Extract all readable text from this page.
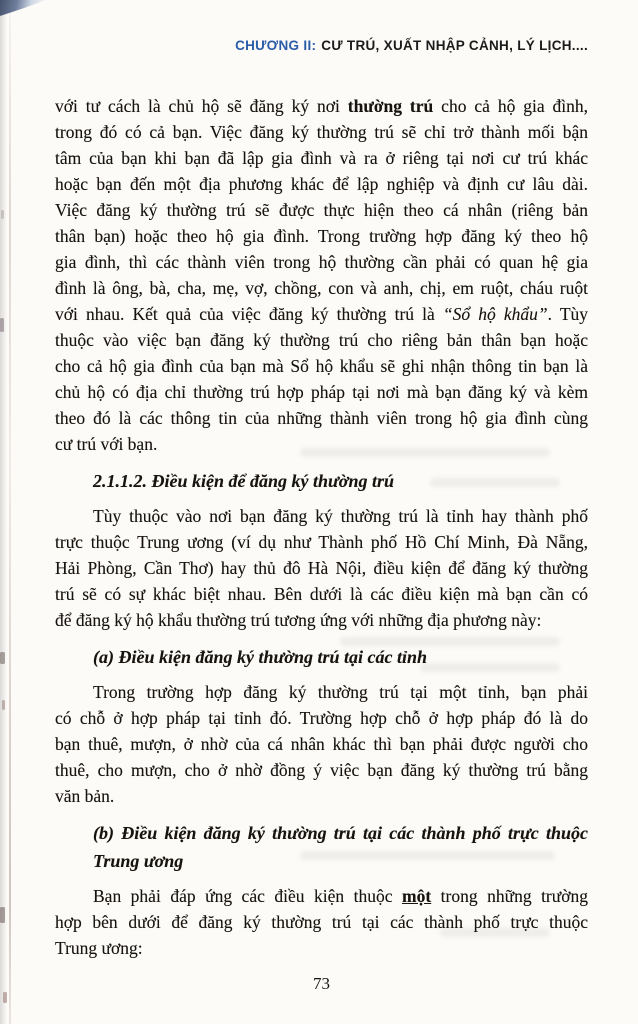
CHƯƠNG II: CƯ TRÚ, XUẤT NHẬP CẢNH, LÝ LỊCH....
với tư cách là chủ hộ sẽ đăng ký nơi thường trú cho cả hộ gia đình,
trong đó có cả bạn. Việc đăng ký thường trú sẽ chỉ trở thành mối bận
tâm của bạn khi bạn đã lập gia đình và ra ở riêng tại nơi cư trú khác
hoặc bạn đến một địa phương khác để lập nghiệp và định cư lâu dài.
Việc đăng ký thường trú sẽ được thực hiện theo cá nhân (riêng bản
thân bạn) hoặc theo hộ gia đình. Trong trường hợp đăng ký theo hộ
gia đình, thì các thành viên trong hộ thường cần phải có quan hệ gia
đình là ông, bà, cha, mẹ, vợ, chồng, con và anh, chị, em ruột, cháu ruột
với nhau. Kết quả của việc đăng ký thường trú là “Sổ hộ khẩu”. Tùy
thuộc vào việc bạn đăng ký thường trú cho riêng bản thân bạn hoặc
cho cả hộ gia đình của bạn mà Sổ hộ khẩu sẽ ghi nhận thông tin bạn là
chủ hộ có địa chỉ thường trú hợp pháp tại nơi mà bạn đăng ký và kèm
theo đó là các thông tin của những thành viên trong hộ gia đình cùng
cư trú với bạn.
2.1.1.2. Điều kiện để đăng ký thường trú
Tùy thuộc vào nơi bạn đăng ký thường trú là tỉnh hay thành phố
trực thuộc Trung ương (ví dụ như Thành phố Hồ Chí Minh, Đà Nẵng,
Hải Phòng, Cần Thơ) hay thủ đô Hà Nội, điều kiện để đăng ký thường
trú sẽ có sự khác biệt nhau. Bên dưới là các điều kiện mà bạn cần có
để đăng ký hộ khẩu thường trú tương ứng với những địa phương này:
(a) Điều kiện đăng ký thường trú tại các tỉnh
Trong trường hợp đăng ký thường trú tại một tỉnh, bạn phải
có chỗ ở hợp pháp tại tỉnh đó. Trường hợp chỗ ở hợp pháp đó là do
bạn thuê, mượn, ở nhờ của cá nhân khác thì bạn phải được người cho
thuê, cho mượn, cho ở nhờ đồng ý việc bạn đăng ký thường trú bằng
văn bản.
(b) Điều kiện đăng ký thường trú tại các thành phố trực thuộc
Trung ương
Bạn phải đáp ứng các điều kiện thuộc một trong những trường
hợp bên dưới để đăng ký thường trú tại các thành phố trực thuộc
Trung ương:
73
